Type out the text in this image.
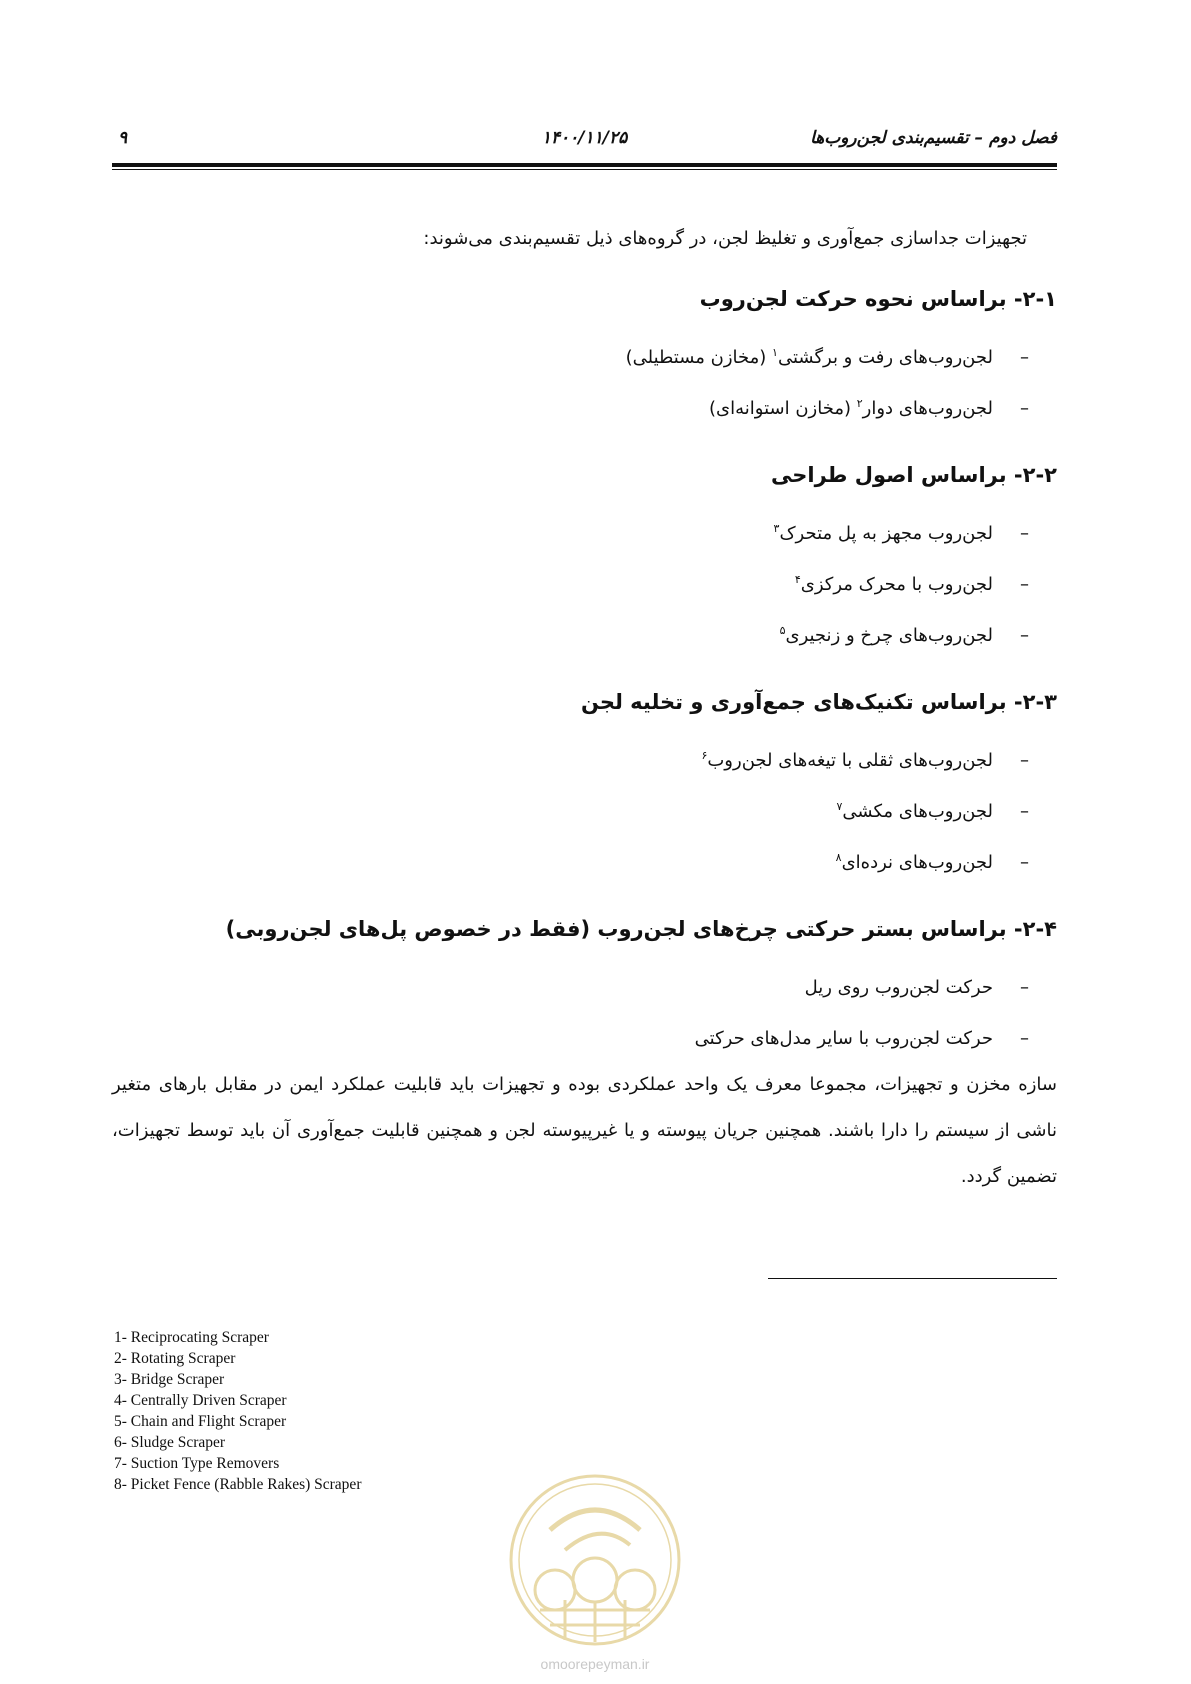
فصل دوم – تقسیم‌بندی لجن‌روب‌ها
۱۴۰۰/۱۱/۲۵
۹
تجهیزات جداسازی جمع‌آوری و تغلیظ لجن، در گروه‌های ذیل تقسیم‌بندی می‌شوند:
۲-۱- براساس نحوه حرکت لجن‌روب
–لجن‌روب‌های رفت و برگشتی$^۱$ (مخازن مستطیلی)
–لجن‌روب‌های دوار$^۲$ (مخازن استوانه‌ای)
۲-۲- براساس اصول طراحی
–لجن‌روب مجهز به پل متحرک$^۳$
–لجن‌روب با محرک مرکزی$^۴$
–لجن‌روب‌های چرخ و زنجیری$^۵$
۲-۳- براساس تکنیک‌های جمع‌آوری و تخلیه لجن
–لجن‌روب‌های ثقلی با تیغه‌های لجن‌روب$^۶$
–لجن‌روب‌های مکشی$^۷$
–لجن‌روب‌های نرده‌ای$^۸$
۲-۴- براساس بستر حرکتی چرخ‌های لجن‌روب (فقط در خصوص پل‌های لجن‌روبی)
–حرکت لجن‌روب روی ریل
–حرکت لجن‌روب با سایر مدل‌های حرکتی
سازه مخزن و تجهیزات، مجموعا معرف یک واحد عملکردی بوده و تجهیزات باید قابلیت عملکرد ایمن در مقابل بارهای متغیر ناشی از سیستم را دارا باشند. همچنین جریان پیوسته و یا غیرپیوسته لجن و همچنین قابلیت جمع‌آوری آن باید توسط تجهیزات، تضمین گردد.
1- Reciprocating Scraper
2- Rotating Scraper
3- Bridge Scraper
4- Centrally Driven Scraper
5- Chain and Flight Scraper
6- Sludge Scraper
7- Suction Type Removers
8- Picket Fence (Rabble Rakes) Scraper
omoorepeyman.ir
